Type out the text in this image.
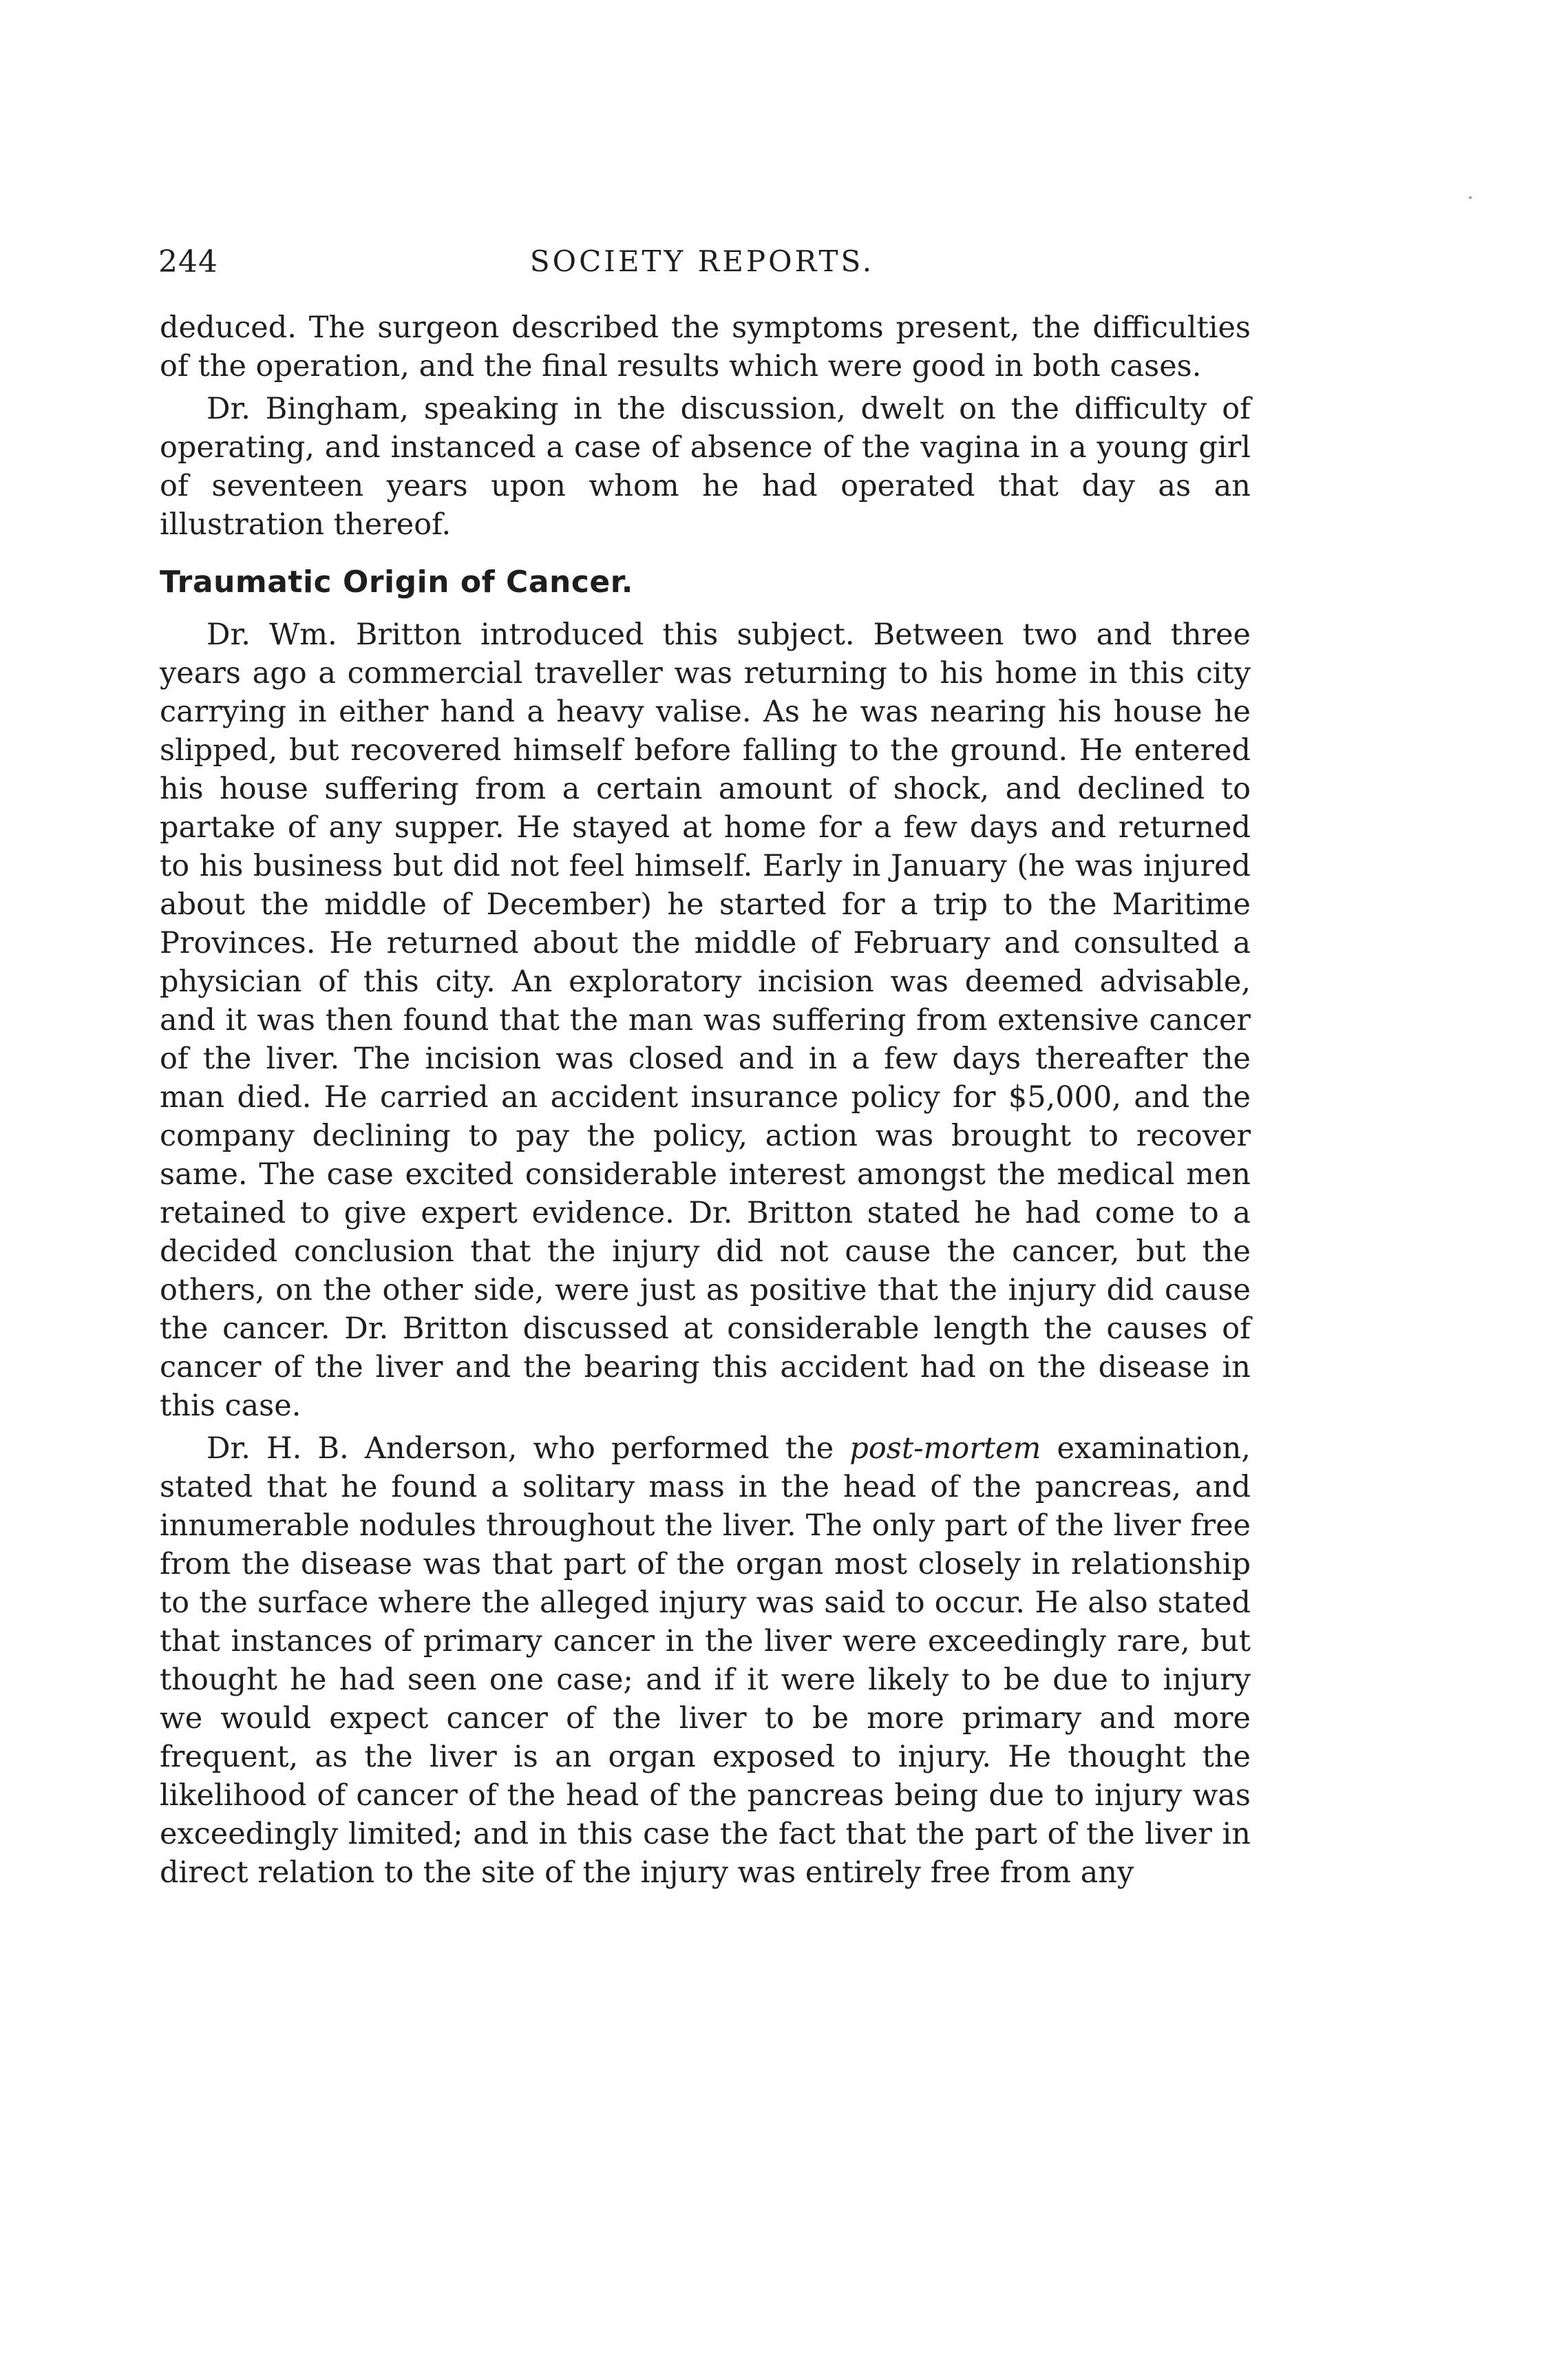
244	SOCIETY REPORTS.

deduced. The surgeon described the symptoms present, the difficulties of the operation, and the final results which were good in both cases.

Dr. Bingham, speaking in the discussion, dwelt on the difficulty of operating, and instanced a case of absence of the vagina in a young girl of seventeen years upon whom he had operated that day as an illustration thereof.

Traumatic Origin of Cancer.

Dr. Wm. Britton introduced this subject. Between two and three years ago a commercial traveller was returning to his home in this city carrying in either hand a heavy valise. As he was nearing his house he slipped, but recovered himself before falling to the ground. He entered his house suffering from a certain amount of shock, and declined to partake of any supper. He stayed at home for a few days and returned to his business but did not feel himself. Early in January (he was injured about the middle of December) he started for a trip to the Maritime Provinces. He returned about the middle of February and consulted a physician of this city. An exploratory incision was deemed advisable, and it was then found that the man was suffering from extensive cancer of the liver. The incision was closed and in a few days thereafter the man died. He carried an accident insurance policy for $5,000, and the company declining to pay the policy, action was brought to recover same. The case excited considerable interest amongst the medical men retained to give expert evidence. Dr. Britton stated he had come to a decided conclusion that the injury did not cause the cancer, but the others, on the other side, were just as positive that the injury did cause the cancer. Dr. Britton discussed at considerable length the causes of cancer of the liver and the bearing this accident had on the disease in this case.

Dr. H. B. Anderson, who performed the post-mortem examination, stated that he found a solitary mass in the head of the pancreas, and innumerable nodules throughout the liver. The only part of the liver free from the disease was that part of the organ most closely in relationship to the surface where the alleged injury was said to occur. He also stated that instances of primary cancer in the liver were exceedingly rare, but thought he had seen one case; and if it were likely to be due to injury we would expect cancer of the liver to be more primary and more frequent, as the liver is an organ exposed to injury. He thought the likelihood of cancer of the head of the pancreas being due to injury was exceedingly limited; and in this case the fact that the part of the liver in direct relation to the site of the injury was entirely free from any
